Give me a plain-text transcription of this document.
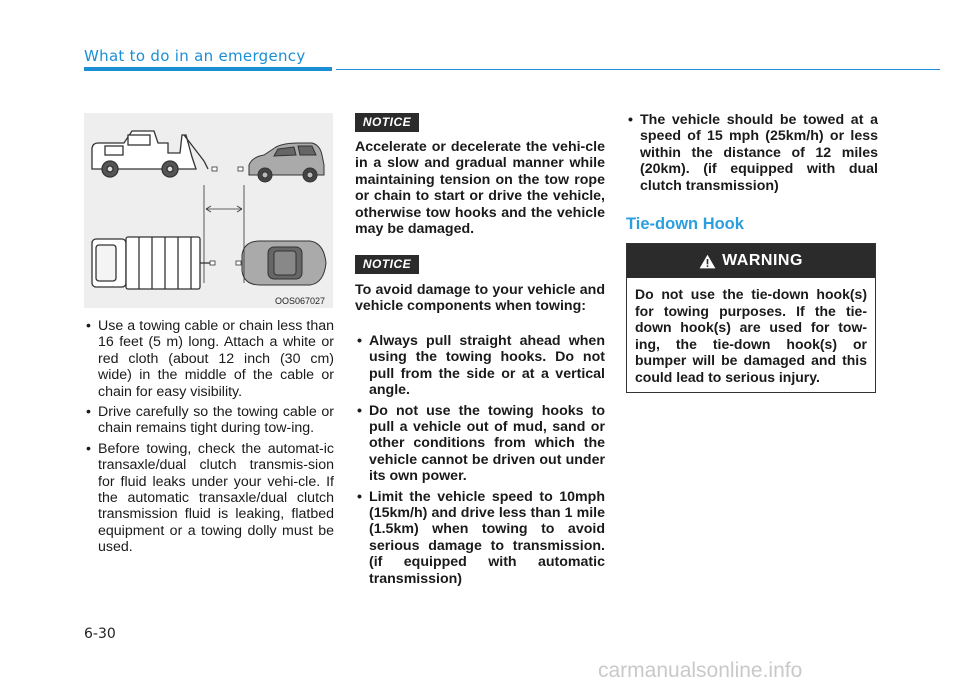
What to do in an emergency
OOS067027
• Use a towing cable or chain less than 16 feet (5 m) long. Attach a white or red cloth (about 12 inch (30 cm) wide) in the middle of the cable or chain for easy visibility.
• Drive carefully so the towing cable or chain remains tight during tow-ing.
• Before towing, check the automat-ic transaxle/dual clutch transmis-sion for fluid leaks under your vehi-cle. If the automatic transaxle/dual clutch transmission fluid is leaking, flatbed equipment or a towing dolly must be used.
NOTICE

Accelerate or decelerate the vehi-cle in a slow and gradual manner while maintaining tension on the tow rope or chain to start or drive the vehicle, otherwise tow hooks and the vehicle may be damaged.

NOTICE

To avoid damage to your vehicle and vehicle components when towing:

• Always pull straight ahead when using the towing hooks. Do not pull from the side or at a vertical angle.
• Do not use the towing hooks to pull a vehicle out of mud, sand or other conditions from which the vehicle cannot be driven out under its own power.
• Limit the vehicle speed to 10mph (15km/h) and drive less than 1 mile (1.5km) when towing to avoid serious damage to transmission. (if equipped with automatic transmission)
• The vehicle should be towed at a speed of 15 mph (25km/h) or less within the distance of 12 miles (20km). (if equipped with dual clutch transmission)
Tie-down Hook
WARNING
Do not use the tie-down hook(s) for towing purposes. If the tie-down hook(s) are used for tow-ing, the tie-down hook(s) or bumper will be damaged and this could lead to serious injury.
6-30
carmanualsonline.info
